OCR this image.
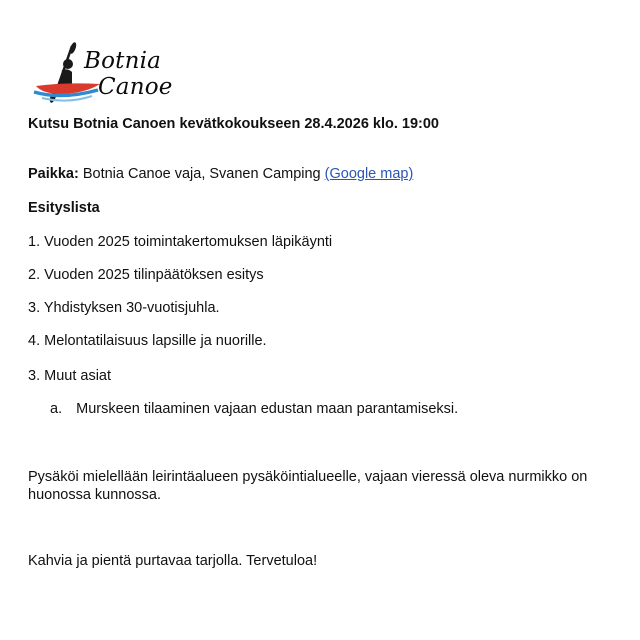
Botnia
Canoe
Kutsu Botnia Canoen kevätkokoukseen 28.4.2026 klo. 19:00
Paikka: Botnia Canoe vaja, Svanen Camping (Google map)
Esityslista
1. Vuoden 2025 toimintakertomuksen läpikäynti
2. Vuoden 2025 tilinpäätöksen esitys
3. Yhdistyksen 30-vuotisjuhla.
4. Melontatilaisuus lapsille ja nuorille.
3. Muut asiat
a. Murskeen tilaaminen vajaan edustan maan parantamiseksi.
Pysäköi mielellään leirintäalueen pysäköintialueelle, vajaan vieressä oleva nurmikko on huonossa kunnossa.
Kahvia ja pientä purtavaa tarjolla. Tervetuloa!
